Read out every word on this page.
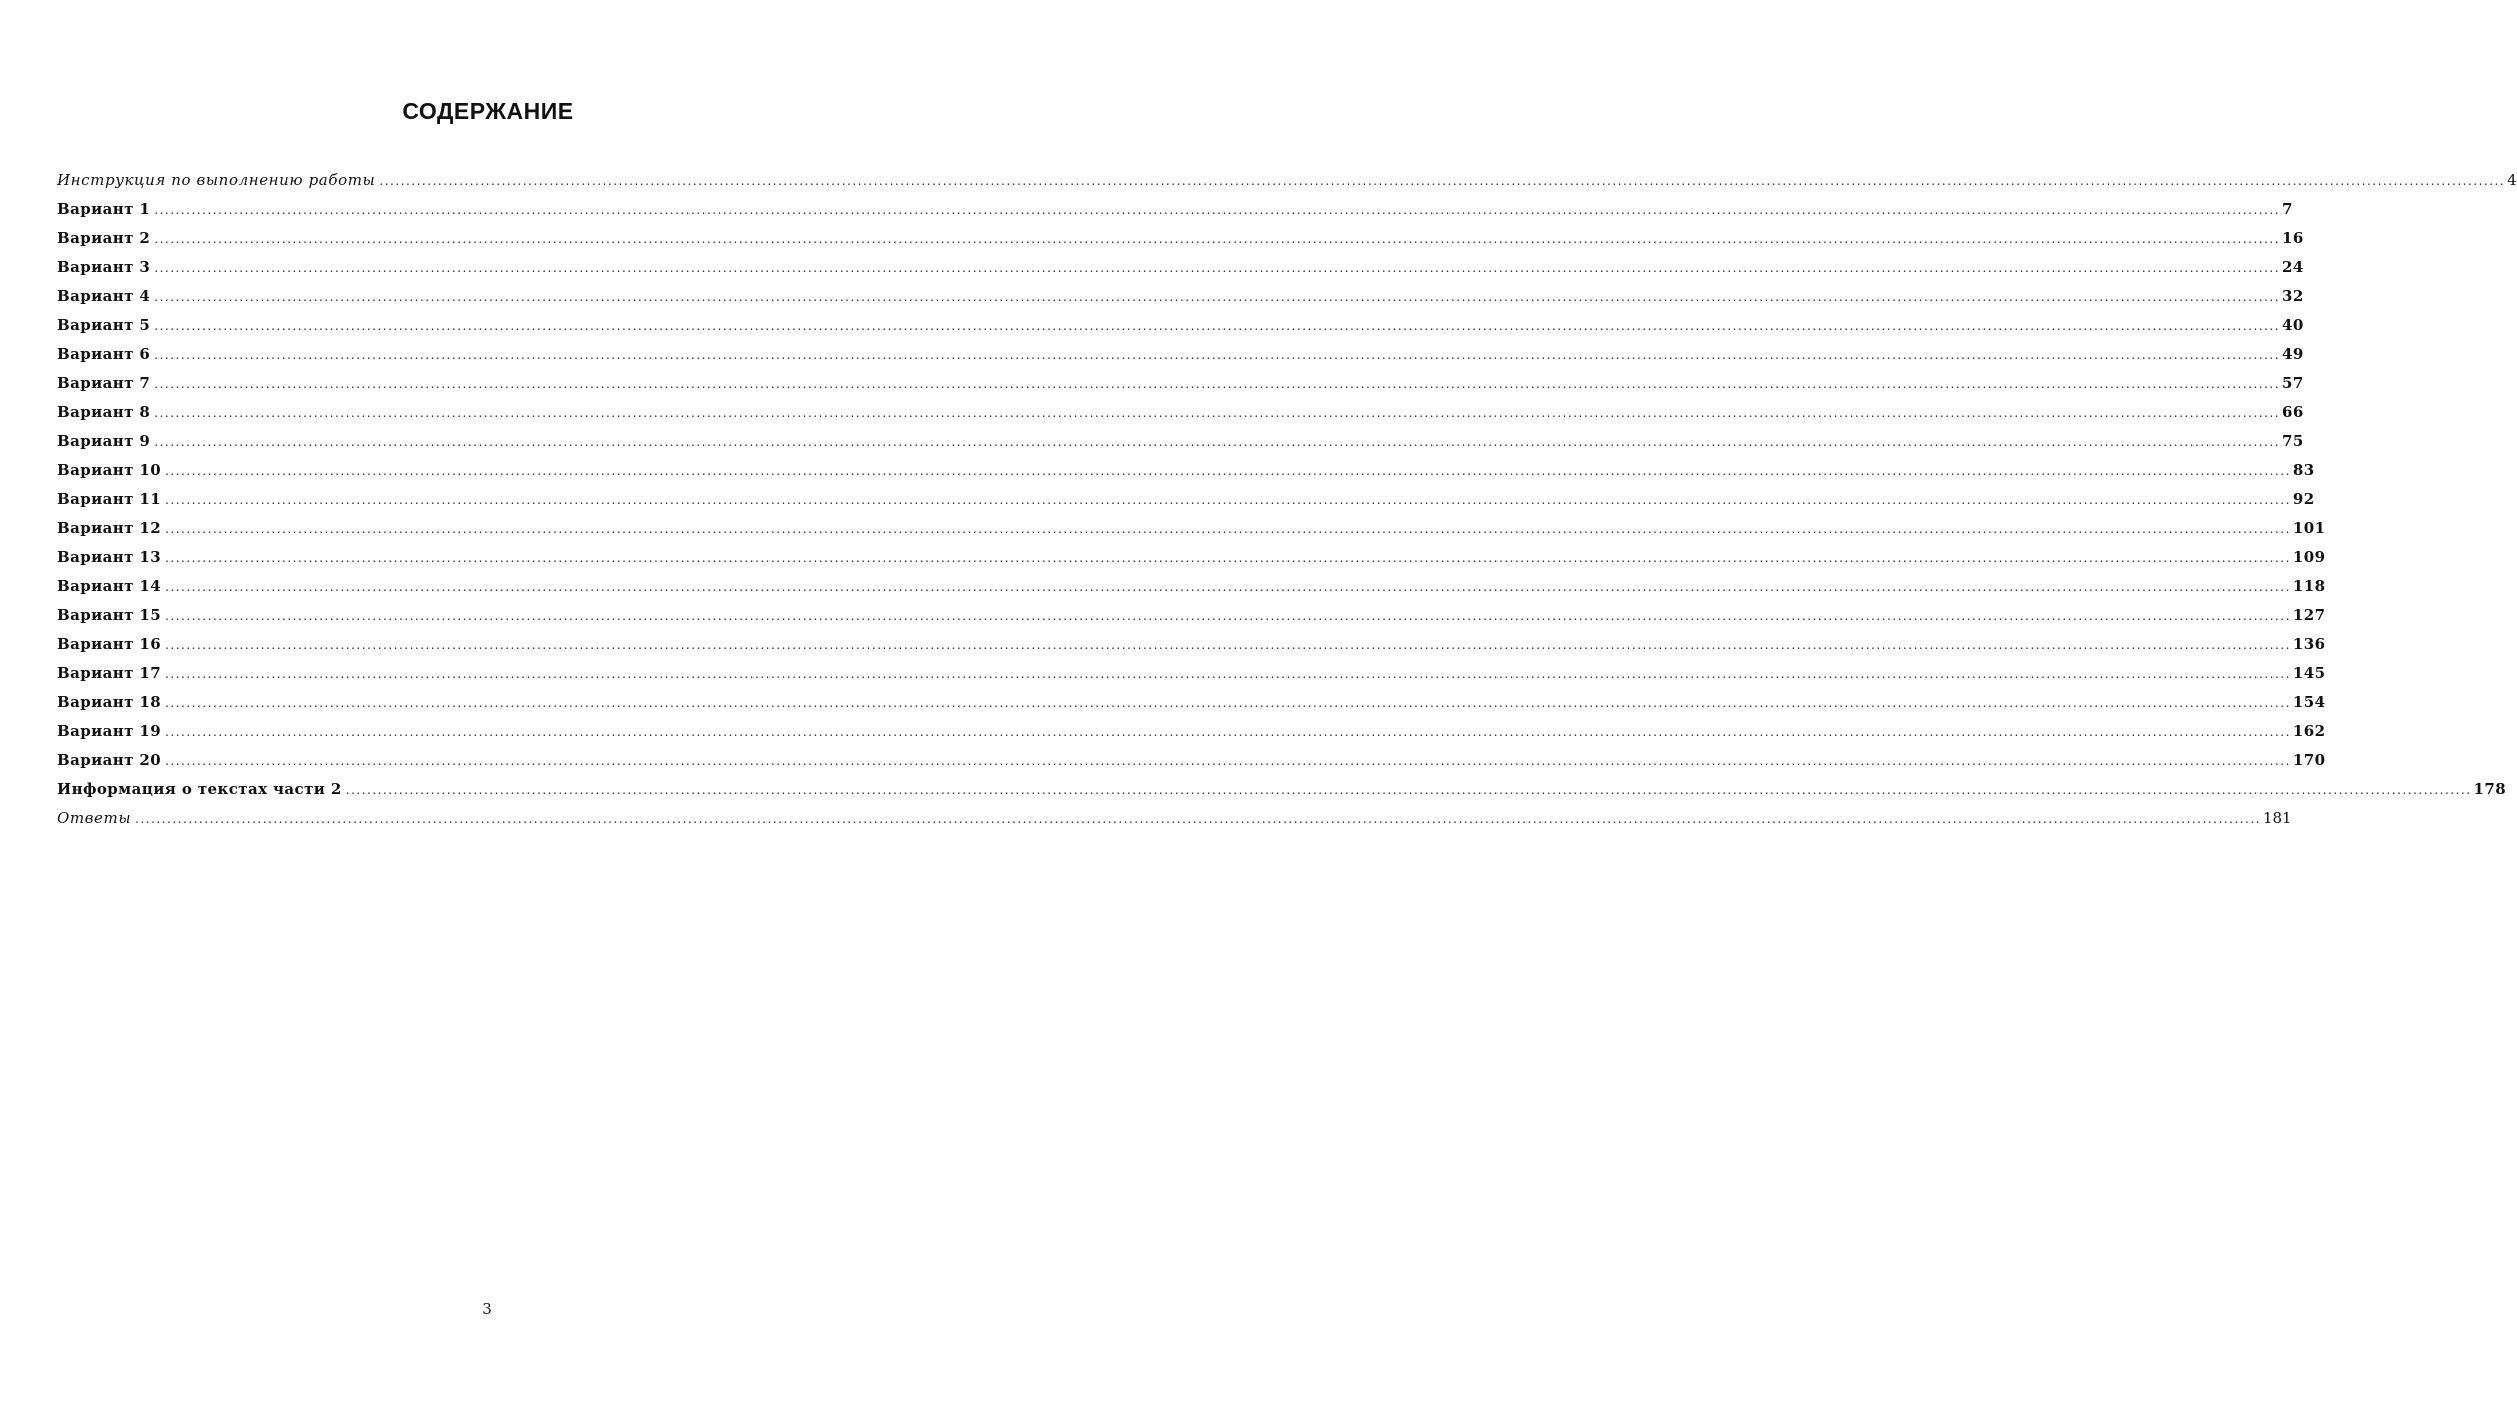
СОДЕРЖАНИЕ
Инструкция по выполнению работы ................................................................................................................................................................................................................................................................................................................................................................................................................ 4
Вариант 1 ................................................................................................................................................................................................................................................................................................................................................................................................................ 7
Вариант 2 ................................................................................................................................................................................................................................................................................................................................................................................................................ 16
Вариант 3 ................................................................................................................................................................................................................................................................................................................................................................................................................ 24
Вариант 4 ................................................................................................................................................................................................................................................................................................................................................................................................................ 32
Вариант 5 ................................................................................................................................................................................................................................................................................................................................................................................................................ 40
Вариант 6 ................................................................................................................................................................................................................................................................................................................................................................................................................ 49
Вариант 7 ................................................................................................................................................................................................................................................................................................................................................................................................................ 57
Вариант 8 ................................................................................................................................................................................................................................................................................................................................................................................................................ 66
Вариант 9 ................................................................................................................................................................................................................................................................................................................................................................................................................ 75
Вариант 10 ................................................................................................................................................................................................................................................................................................................................................................................................................ 83
Вариант 11 ................................................................................................................................................................................................................................................................................................................................................................................................................ 92
Вариант 12 ................................................................................................................................................................................................................................................................................................................................................................................................................ 101
Вариант 13 ................................................................................................................................................................................................................................................................................................................................................................................................................ 109
Вариант 14 ................................................................................................................................................................................................................................................................................................................................................................................................................ 118
Вариант 15 ................................................................................................................................................................................................................................................................................................................................................................................................................ 127
Вариант 16 ................................................................................................................................................................................................................................................................................................................................................................................................................ 136
Вариант 17 ................................................................................................................................................................................................................................................................................................................................................................................................................ 145
Вариант 18 ................................................................................................................................................................................................................................................................................................................................................................................................................ 154
Вариант 19 ................................................................................................................................................................................................................................................................................................................................................................................................................ 162
Вариант 20 ................................................................................................................................................................................................................................................................................................................................................................................................................ 170
Информация о текстах части 2 ................................................................................................................................................................................................................................................................................................................................................................................................................ 178
Ответы ................................................................................................................................................................................................................................................................................................................................................................................................................ 181
3
